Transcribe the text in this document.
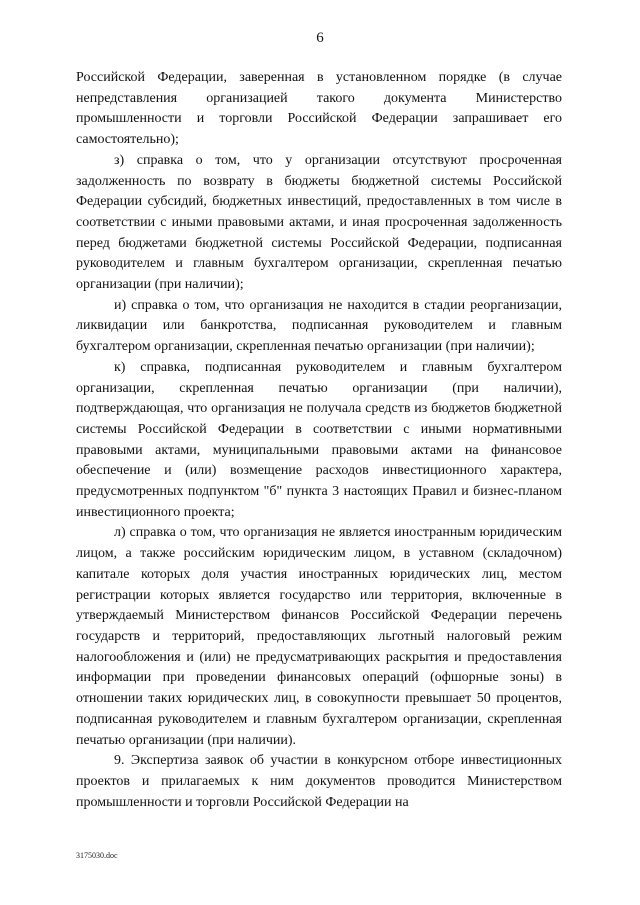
6

Российской Федерации, заверенная в установленном порядке (в случае непредставления организацией такого документа Министерство промышленности и торговли Российской Федерации запрашивает его самостоятельно);

з) справка о том, что у организации отсутствуют просроченная задолженность по возврату в бюджеты бюджетной системы Российской Федерации субсидий, бюджетных инвестиций, предоставленных в том числе в соответствии с иными правовыми актами, и иная просроченная задолженность перед бюджетами бюджетной системы Российской Федерации, подписанная руководителем и главным бухгалтером организации, скрепленная печатью организации (при наличии);

и) справка о том, что организация не находится в стадии реорганизации, ликвидации или банкротства, подписанная руководителем и главным бухгалтером организации, скрепленная печатью организации (при наличии);

к) справка, подписанная руководителем и главным бухгалтером организации, скрепленная печатью организации (при наличии), подтверждающая, что организация не получала средств из бюджетов бюджетной системы Российской Федерации в соответствии с иными нормативными правовыми актами, муниципальными правовыми актами на финансовое обеспечение и (или) возмещение расходов инвестиционного характера, предусмотренных подпунктом "б" пункта 3 настоящих Правил и бизнес-планом инвестиционного проекта;

л) справка о том, что организация не является иностранным юридическим лицом, а также российским юридическим лицом, в уставном (складочном) капитале которых доля участия иностранных юридических лиц, местом регистрации которых является государство или территория, включенные в утверждаемый Министерством финансов Российской Федерации перечень государств и территорий, предоставляющих льготный налоговый режим налогообложения и (или) не предусматривающих раскрытия и предоставления информации при проведении финансовых операций (офшорные зоны) в отношении таких юридических лиц, в совокупности превышает 50 процентов, подписанная руководителем и главным бухгалтером организации, скрепленная печатью организации (при наличии).

9. Экспертиза заявок об участии в конкурсном отборе инвестиционных проектов и прилагаемых к ним документов проводится Министерством промышленности и торговли Российской Федерации на

3175030.doc
